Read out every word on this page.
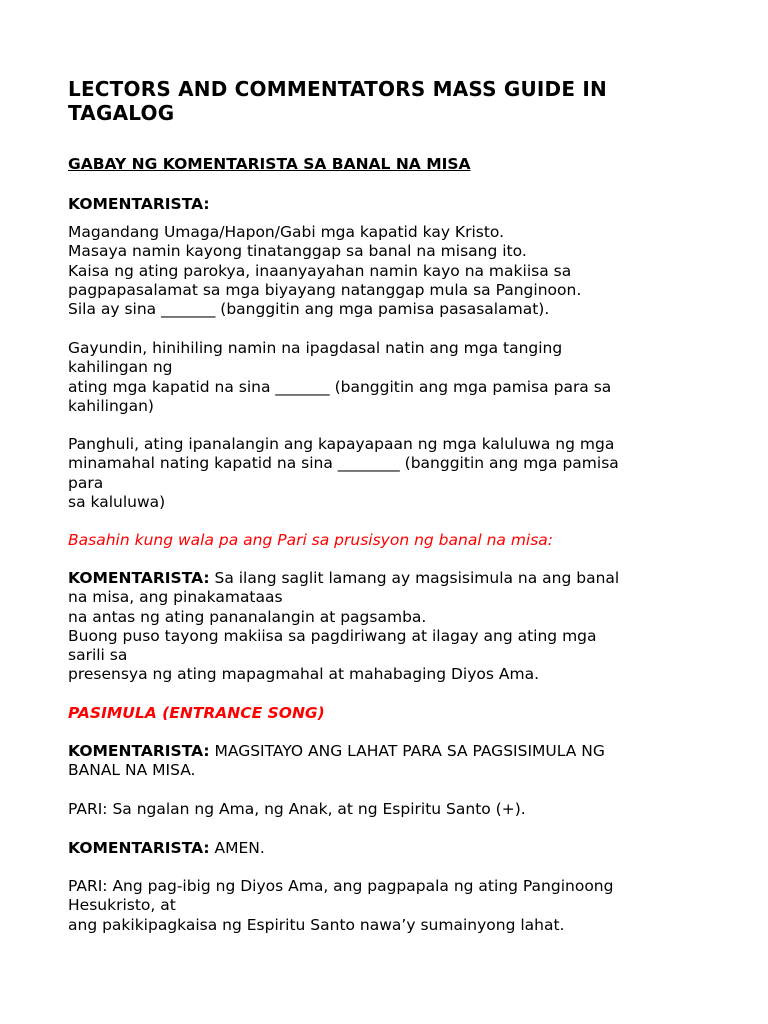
LECTORS AND COMMENTATORS MASS GUIDE IN TAGALOG

GABAY NG KOMENTARISTA SA BANAL NA MISA

KOMENTARISTA:

Magandang Umaga/Hapon/Gabi mga kapatid kay Kristo.

Masaya namin kayong tinatanggap sa banal na misang ito.

Kaisa ng ating parokya, inaanyayahan namin kayo na makiisa sa

pagpapasalamat sa mga biyayang natanggap mula sa Panginoon.

Sila ay sina _______ (banggitin ang mga pamisa pasasalamat).

Gayundin, hinihiling namin na ipagdasal natin ang mga tanging

kahilingan ng

ating mga kapatid na sina _______ (banggitin ang mga pamisa para sa

kahilingan)

Panghuli, ating ipanalangin ang kapayapaan ng mga kaluluwa ng mga

minamahal nating kapatid na sina ________ (banggitin ang mga pamisa

para

sa kaluluwa)

Basahin kung wala pa ang Pari sa prusisyon ng banal na misa:

KOMENTARISTA: Sa ilang saglit lamang ay magsisimula na ang banal

na misa, ang pinakamataas

na antas ng ating pananalangin at pagsamba.

Buong puso tayong makiisa sa pagdiriwang at ilagay ang ating mga

sarili sa

presensya ng ating mapagmahal at mahabaging Diyos Ama.

PASIMULA (ENTRANCE SONG)

KOMENTARISTA: MAGSITAYO ANG LAHAT PARA SA PAGSISIMULA NG

BANAL NA MISA.

PARI: Sa ngalan ng Ama, ng Anak, at ng Espiritu Santo (+).

KOMENTARISTA: AMEN.

PARI: Ang pag-ibig ng Diyos Ama, ang pagpapala ng ating Panginoong

Hesukristo, at

ang pakikipagkaisa ng Espiritu Santo nawa’y sumainyong lahat.
